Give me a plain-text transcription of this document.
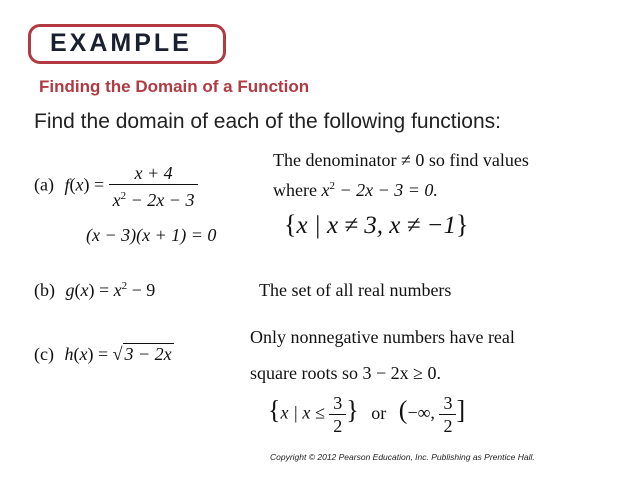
EXAMPLE
Finding the Domain of a Function
Find the domain of each of the following functions:
(a) $f(x) = \frac{x + 4}{x^2 - 2x - 3}$
The denominator ≠ 0 so find values
where $x^2 - 2x - 3 = 0$.
(x − 3)(x + 1) = 0	{x | x ≠ 3, x ≠ −1}
(b) $g(x) = x^2 - 9$	The set of all real numbers
(c) h(x) = √ 3 − 2x
Only nonnegative numbers have real
square roots so 3 − 2x ≥ 0.
{x | $x \le \frac{3}{2}$ } or (−∞, $\frac{3}{2}$ ]
Copyright © 2012 Pearson Education, Inc. Publishing as Prentice Hall.
